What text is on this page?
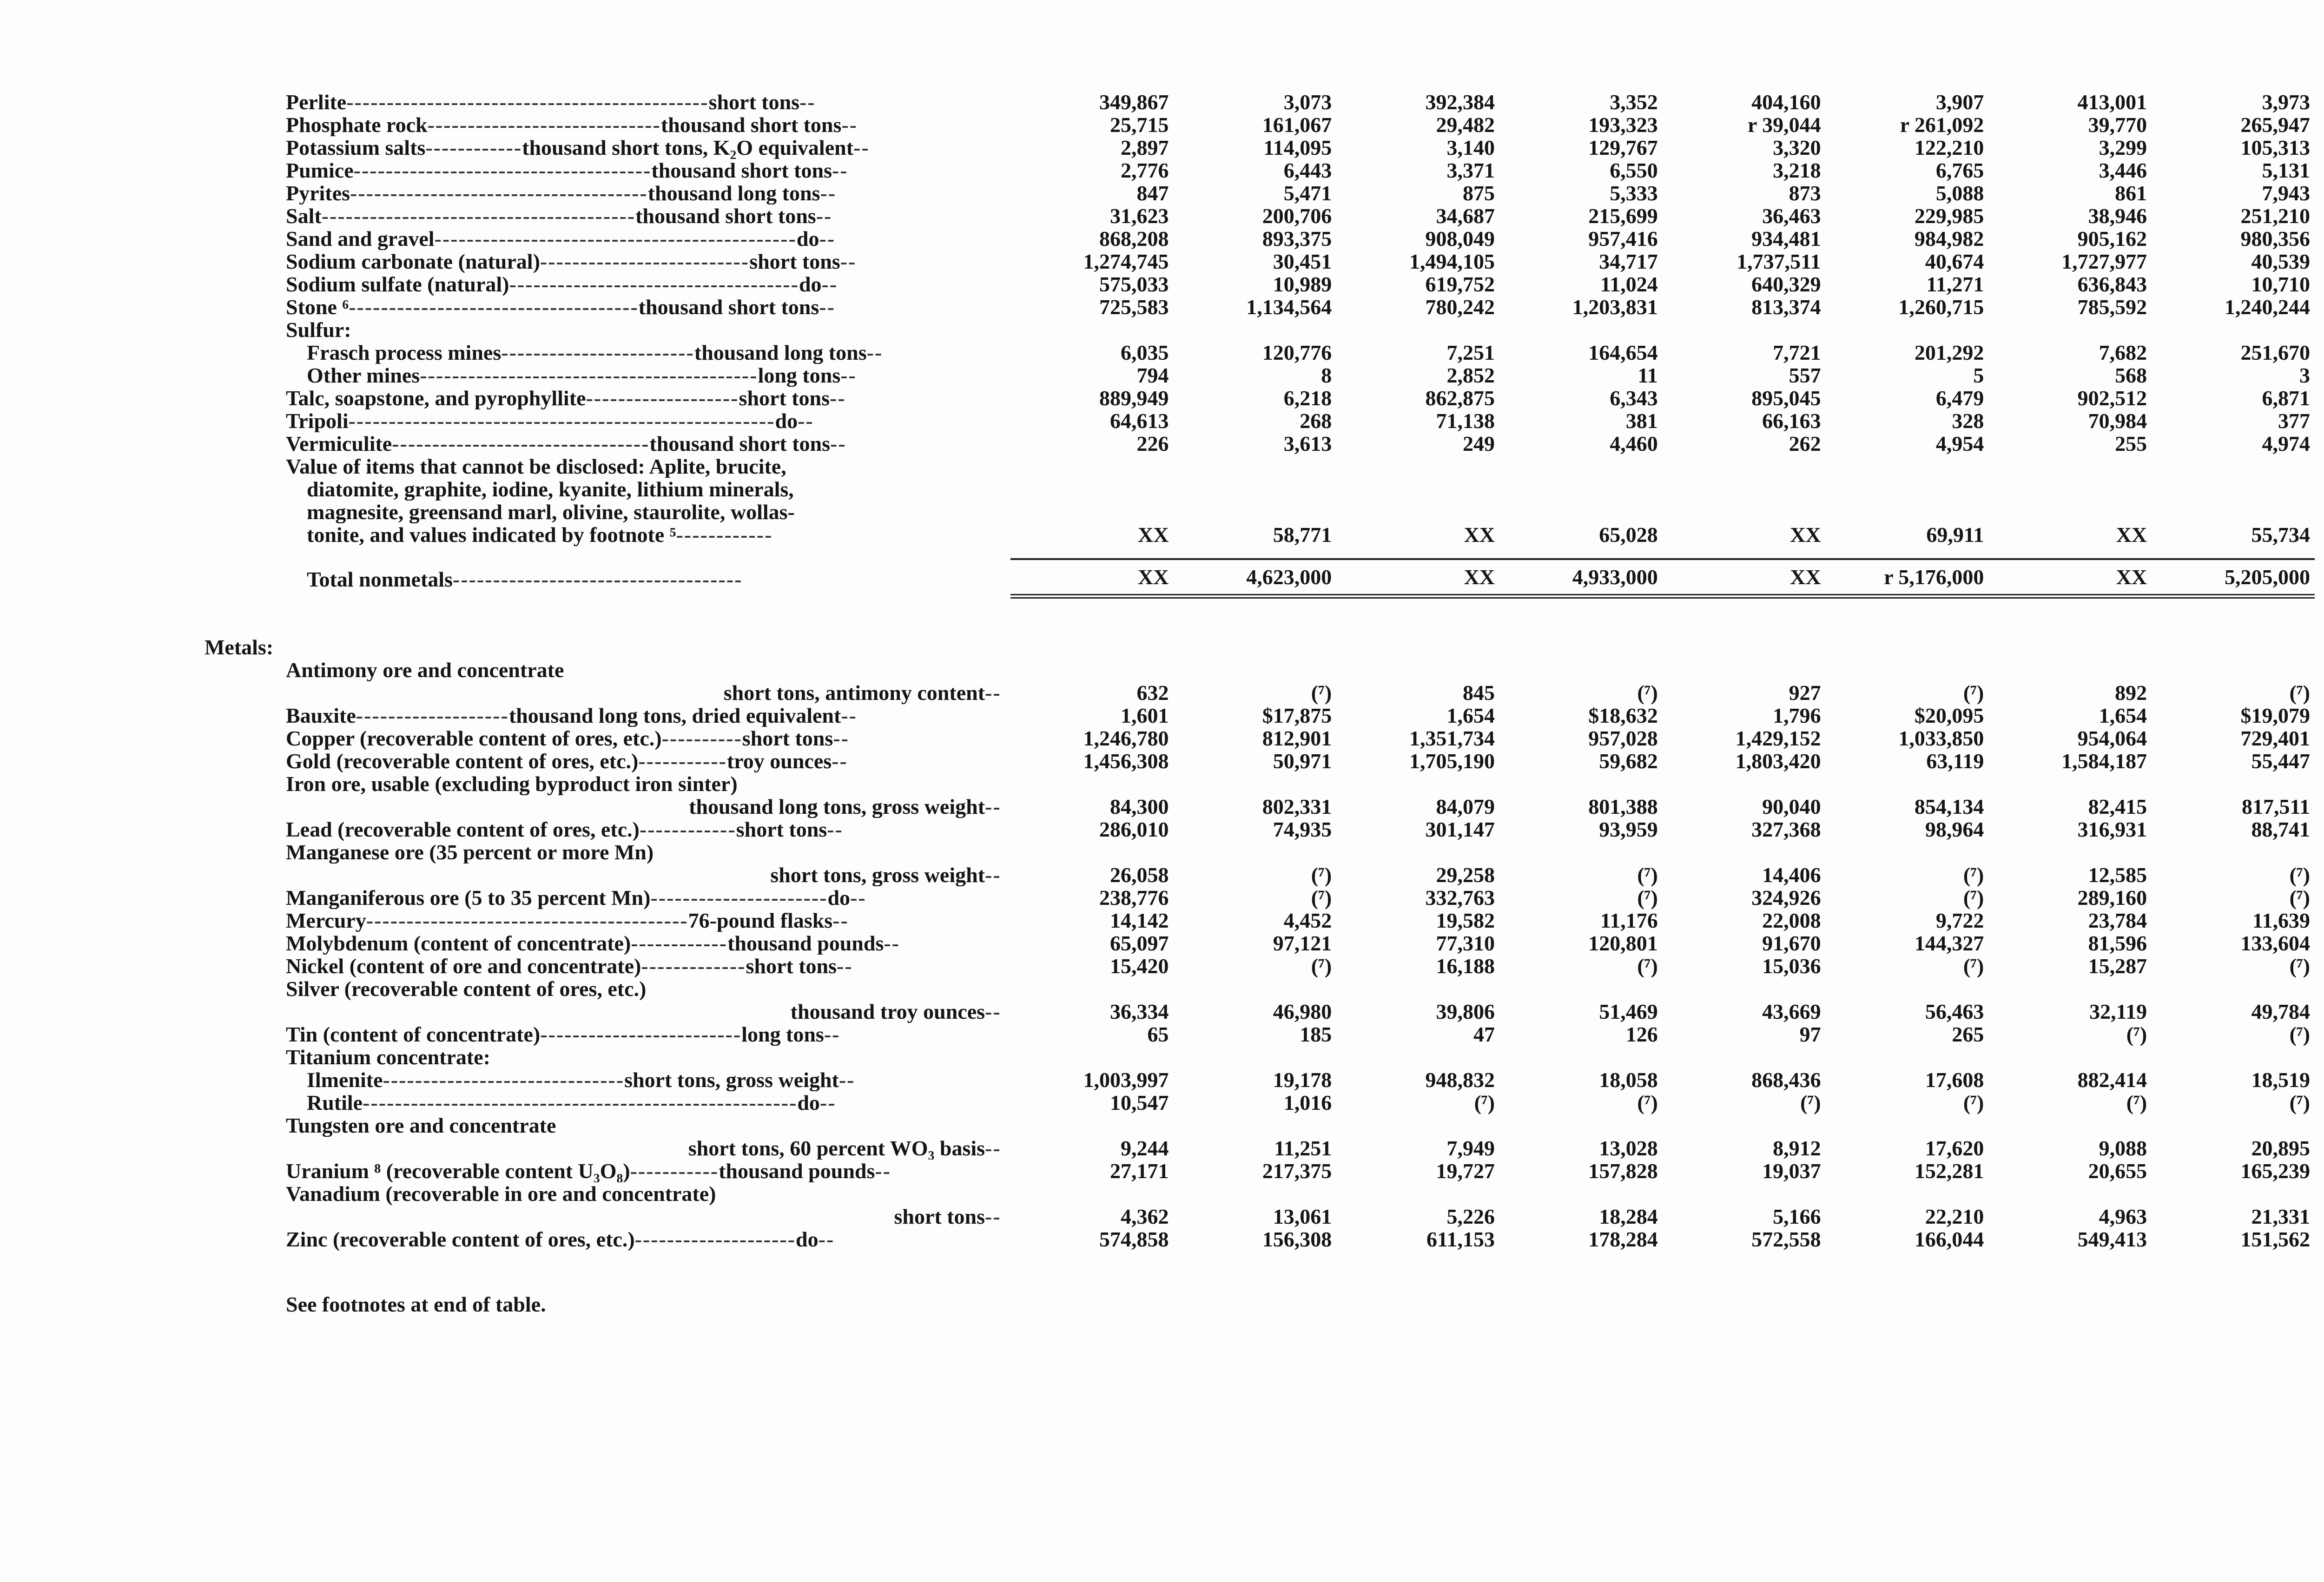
Perlite---------------------------------------------short tons--	349,867	3,073	392,384	3,352	404,160	3,907	413,001	3,973
Phosphate rock-----------------------------thousand short tons--	25,715	161,067	29,482	193,323	r 39,044	r 261,092	39,770	265,947
Potassium salts------------thousand short tons, K₂O equivalent--	2,897	114,095	3,140	129,767	3,320	122,210	3,299	105,313
Pumice-------------------------------------thousand short tons--	2,776	6,443	3,371	6,550	3,218	6,765	3,446	5,131
Pyrites-------------------------------------thousand long tons--	847	5,471	875	5,333	873	5,088	861	7,943
Salt---------------------------------------thousand short tons--	31,623	200,706	34,687	215,699	36,463	229,985	38,946	251,210
Sand and gravel---------------------------------------------do--	868,208	893,375	908,049	957,416	934,481	984,982	905,162	980,356
Sodium carbonate (natural)--------------------------short tons--	1,274,745	30,451	1,494,105	34,717	1,737,511	40,674	1,727,977	40,539
Sodium sulfate (natural)------------------------------------do--	575,033	10,989	619,752	11,024	640,329	11,271	636,843	10,710
Stone ⁶------------------------------------thousand short tons--	725,583	1,134,564	780,242	1,203,831	813,374	1,260,715	785,592	1,240,244
Sulfur:								
Frasch process mines------------------------thousand long tons--	6,035	120,776	7,251	164,654	7,721	201,292	7,682	251,670
Other mines------------------------------------------long tons--	794	8	2,852	11	557	5	568	3
Talc, soapstone, and pyrophyllite-------------------short tons--	889,949	6,218	862,875	6,343	895,045	6,479	902,512	6,871
Tripoli-----------------------------------------------------do--	64,613	268	71,138	381	66,163	328	70,984	377
Vermiculite--------------------------------thousand short tons--	226	3,613	249	4,460	262	4,954	255	4,974
Value of items that cannot be disclosed: Aplite, brucite,								
diatomite, graphite, iodine, kyanite, lithium minerals,								
magnesite, greensand marl, olivine, staurolite, wollas-								
tonite, and values indicated by footnote ⁵------------	XX	58,771	XX	65,028	XX	69,911	XX	55,734

Total nonmetals------------------------------------	XX	4,623,000	XX	4,933,000	XX	r 5,176,000	XX	5,205,000

Metals:								
Antimony ore and concentrate								
short tons, antimony content--	632	(⁷)	845	(⁷)	927	(⁷)	892	(⁷)
Bauxite-------------------thousand long tons, dried equivalent--	1,601	$17,875	1,654	$18,632	1,796	$20,095	1,654	$19,079
Copper (recoverable content of ores, etc.)----------short tons--	1,246,780	812,901	1,351,734	957,028	1,429,152	1,033,850	954,064	729,401
Gold (recoverable content of ores, etc.)-----------troy ounces--	1,456,308	50,971	1,705,190	59,682	1,803,420	63,119	1,584,187	55,447
Iron ore, usable (excluding byproduct iron sinter)								
thousand long tons, gross weight--	84,300	802,331	84,079	801,388	90,040	854,134	82,415	817,511
Lead (recoverable content of ores, etc.)------------short tons--	286,010	74,935	301,147	93,959	327,368	98,964	316,931	88,741
Manganese ore (35 percent or more Mn)								
short tons, gross weight--	26,058	(⁷)	29,258	(⁷)	14,406	(⁷)	12,585	(⁷)
Manganiferous ore (5 to 35 percent Mn)----------------------do--	238,776	(⁷)	332,763	(⁷)	324,926	(⁷)	289,160	(⁷)
Mercury----------------------------------------76-pound flasks--	14,142	4,452	19,582	11,176	22,008	9,722	23,784	11,639
Molybdenum (content of concentrate)------------thousand pounds--	65,097	97,121	77,310	120,801	91,670	144,327	81,596	133,604
Nickel (content of ore and concentrate)-------------short tons--	15,420	(⁷)	16,188	(⁷)	15,036	(⁷)	15,287	(⁷)
Silver (recoverable content of ores, etc.)								
thousand troy ounces--	36,334	46,980	39,806	51,469	43,669	56,463	32,119	49,784
Tin (content of concentrate)-------------------------long tons--	65	185	47	126	97	265	(⁷)	(⁷)
Titanium concentrate:								
Ilmenite------------------------------short tons, gross weight--	1,003,997	19,178	948,832	18,058	868,436	17,608	882,414	18,519
Rutile------------------------------------------------------do--	10,547	1,016	(⁷)	(⁷)	(⁷)	(⁷)	(⁷)	(⁷)
Tungsten ore and concentrate								
short tons, 60 percent WO₃ basis--	9,244	11,251	7,949	13,028	8,912	17,620	9,088	20,895
Uranium ⁸ (recoverable content U₃O₈)-----------thousand pounds--	27,171	217,375	19,727	157,828	19,037	152,281	20,655	165,239
Vanadium (recoverable in ore and concentrate)								
short tons--	4,362	13,061	5,226	18,284	5,166	22,210	4,963	21,331
Zinc (recoverable content of ores, etc.)--------------------do--	574,858	156,308	611,153	178,284	572,558	166,044	549,413	151,562
See footnotes at end of table.
